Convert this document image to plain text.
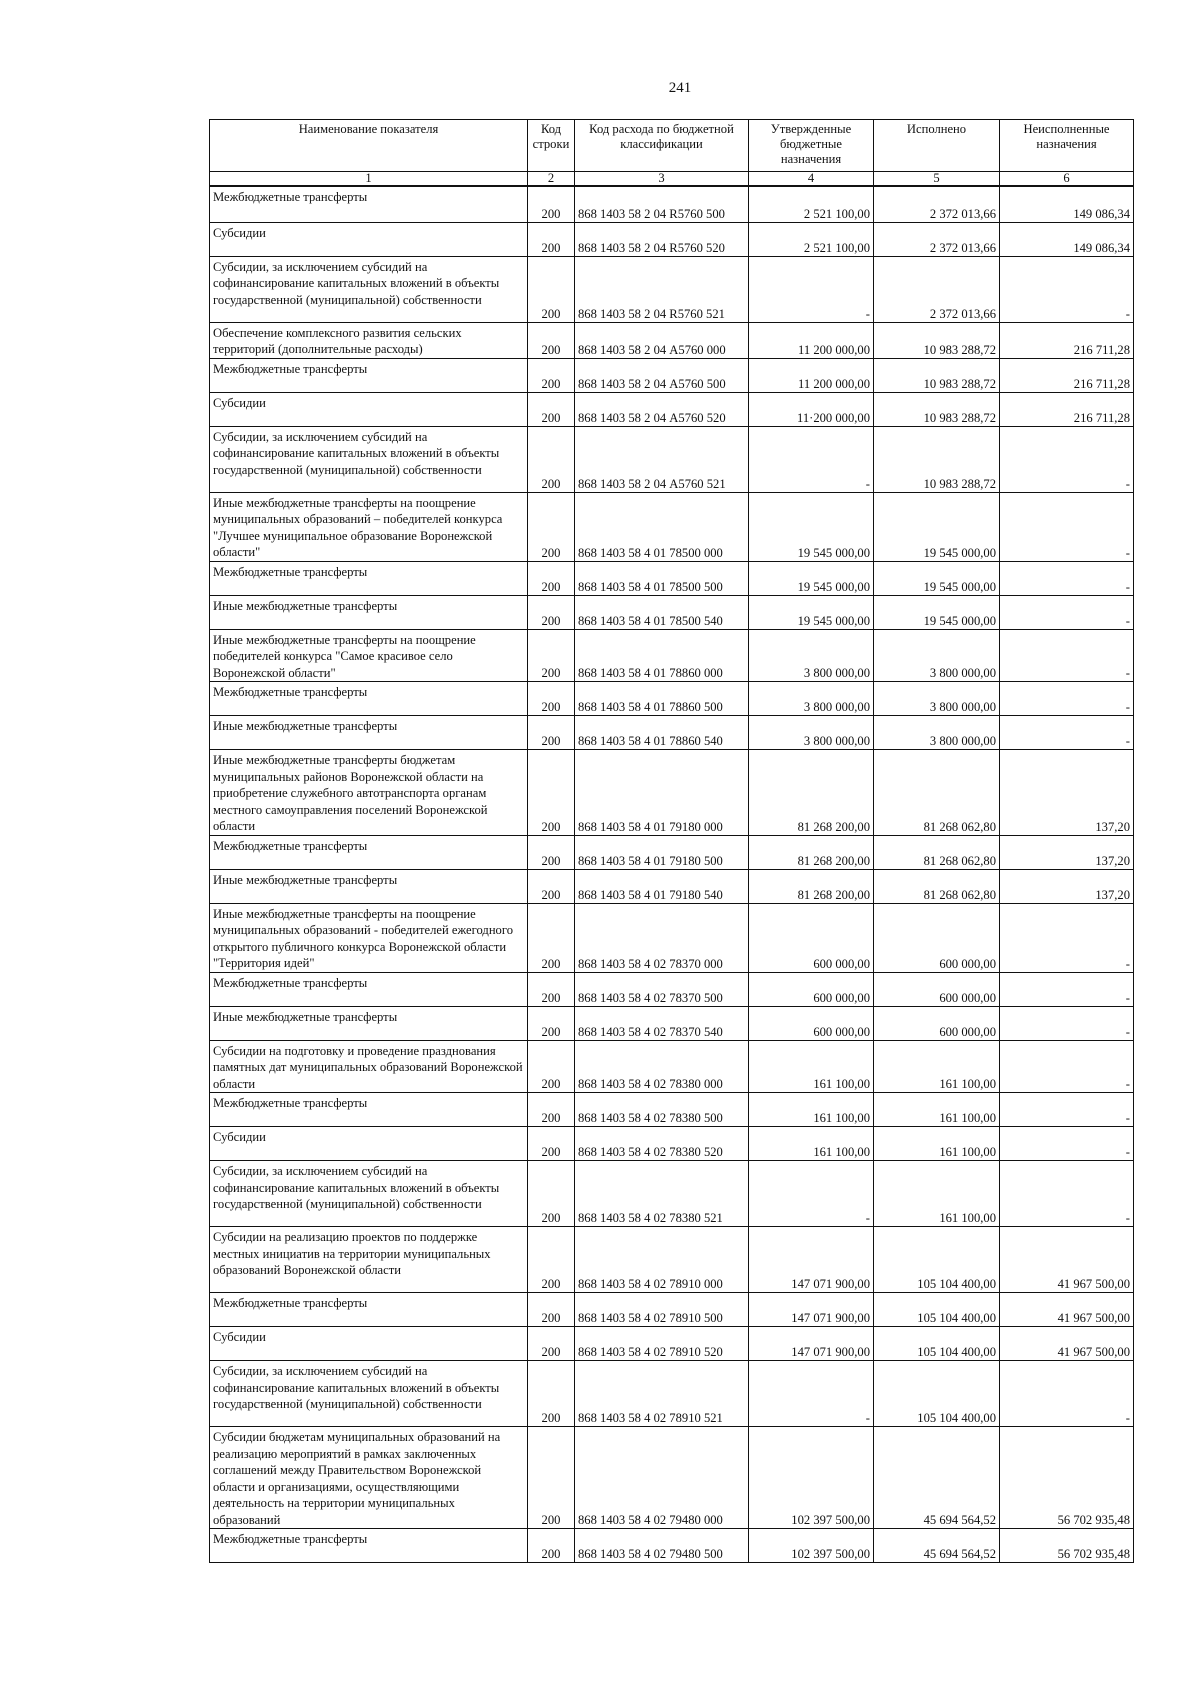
241
Наименование показателя	Код строки	Код расхода по бюджетной классификации	Утвержденные бюджетные назначения	Исполнено	Неисполненные назначения
1	2	3	4	5	6
Межбюджетные трансферты	200	868 1403 58 2 04 R5760 500	2 521 100,00	2 372 013,66	149 086,34
Субсидии	200	868 1403 58 2 04 R5760 520	2 521 100,00	2 372 013,66	149 086,34
Субсидии, за исключением субсидий на софинансирование капитальных вложений в объекты государственной (муниципальной) собственности	200	868 1403 58 2 04 R5760 521	-	2 372 013,66	-
Обеспечение комплексного развития сельских территорий (дополнительные расходы)	200	868 1403 58 2 04 А5760 000	11 200 000,00	10 983 288,72	216 711,28
Межбюджетные трансферты	200	868 1403 58 2 04 А5760 500	11 200 000,00	10 983 288,72	216 711,28
Субсидии	200	868 1403 58 2 04 А5760 520	11·200 000,00	10 983 288,72	216 711,28
Субсидии, за исключением субсидий на софинансирование капитальных вложений в объекты государственной (муниципальной) собственности	200	868 1403 58 2 04 А5760 521	-	10 983 288,72	-
Иные межбюджетные трансферты на поощрение муниципальных образований – победителей конкурса "Лучшее муниципальное образование Воронежской области"	200	868 1403 58 4 01 78500 000	19 545 000,00	19 545 000,00	-
Межбюджетные трансферты	200	868 1403 58 4 01 78500 500	19 545 000,00	19 545 000,00	-
Иные межбюджетные трансферты	200	868 1403 58 4 01 78500 540	19 545 000,00	19 545 000,00	-
Иные межбюджетные трансферты на поощрение победителей конкурса "Самое красивое село Воронежской области"	200	868 1403 58 4 01 78860 000	3 800 000,00	3 800 000,00	-
Межбюджетные трансферты	200	868 1403 58 4 01 78860 500	3 800 000,00	3 800 000,00	-
Иные межбюджетные трансферты	200	868 1403 58 4 01 78860 540	3 800 000,00	3 800 000,00	-
Иные межбюджетные трансферты бюджетам муниципальных районов Воронежской области на приобретение служебного автотранспорта органам местного самоуправления поселений Воронежской области	200	868 1403 58 4 01 79180 000	81 268 200,00	81 268 062,80	137,20
Межбюджетные трансферты	200	868 1403 58 4 01 79180 500	81 268 200,00	81 268 062,80	137,20
Иные межбюджетные трансферты	200	868 1403 58 4 01 79180 540	81 268 200,00	81 268 062,80	137,20
Иные межбюджетные трансферты на поощрение муниципальных образований - победителей ежегодного открытого публичного конкурса Воронежской области "Территория идей"	200	868 1403 58 4 02 78370 000	600 000,00	600 000,00	-
Межбюджетные трансферты	200	868 1403 58 4 02 78370 500	600 000,00	600 000,00	-
Иные межбюджетные трансферты	200	868 1403 58 4 02 78370 540	600 000,00	600 000,00	-
Субсидии на подготовку и проведение празднования памятных дат муниципальных образований Воронежской области	200	868 1403 58 4 02 78380 000	161 100,00	161 100,00	-
Межбюджетные трансферты	200	868 1403 58 4 02 78380 500	161 100,00	161 100,00	-
Субсидии	200	868 1403 58 4 02 78380 520	161 100,00	161 100,00	-
Субсидии, за исключением субсидий на софинансирование капитальных вложений в объекты государственной (муниципальной) собственности	200	868 1403 58 4 02 78380 521	-	161 100,00	-
Субсидии на реализацию проектов по поддержке местных инициатив на территории муниципальных образований Воронежской области	200	868 1403 58 4 02 78910 000	147 071 900,00	105 104 400,00	41 967 500,00
Межбюджетные трансферты	200	868 1403 58 4 02 78910 500	147 071 900,00	105 104 400,00	41 967 500,00
Субсидии	200	868 1403 58 4 02 78910 520	147 071 900,00	105 104 400,00	41 967 500,00
Субсидии, за исключением субсидий на софинансирование капитальных вложений в объекты государственной (муниципальной) собственности	200	868 1403 58 4 02 78910 521	-	105 104 400,00	-
Субсидии бюджетам муниципальных образований на реализацию мероприятий в рамках заключенных соглашений между Правительством Воронежской области и организациями, осуществляющими деятельность на территории муниципальных образований	200	868 1403 58 4 02 79480 000	102 397 500,00	45 694 564,52	56 702 935,48
Межбюджетные трансферты	200	868 1403 58 4 02 79480 500	102 397 500,00	45 694 564,52	56 702 935,48
